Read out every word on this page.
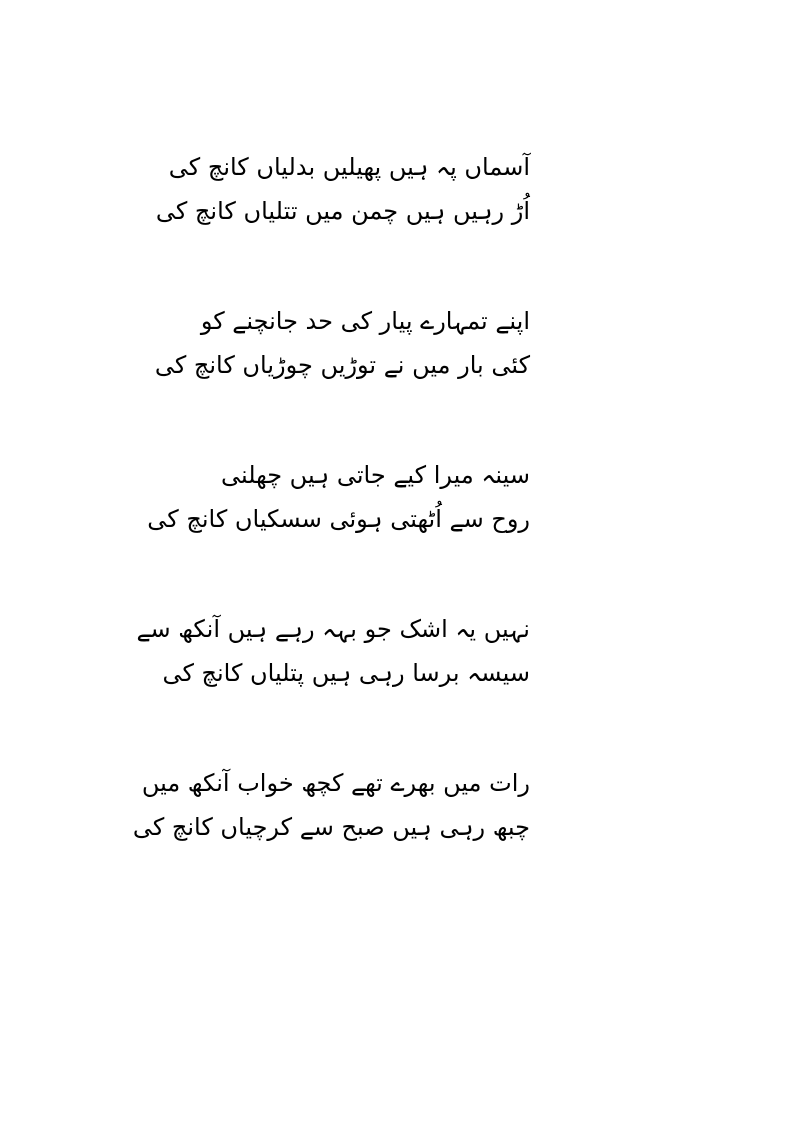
آسماں پہ ہیں پھیلیں بدلیاں کانچ کی
اُڑ رہیں ہیں چمن میں تتلیاں کانچ کی
اپنے تمہارے پیار کی حد جانچنے کو
کئی بار میں نے توڑیں چوڑیاں کانچ کی
سینہ میرا کیے جاتی ہیں چھلنی
روح سے اُٹھتی ہوئی سسکیاں کانچ کی
نہیں یہ اشک جو بہہ رہے ہیں آنکھ سے
سیسہ برسا رہی ہیں پتلیاں کانچ کی
رات میں بھرے تھے کچھ خواب آنکھ میں
چبھ رہی ہیں صبح سے کرچیاں کانچ کی
